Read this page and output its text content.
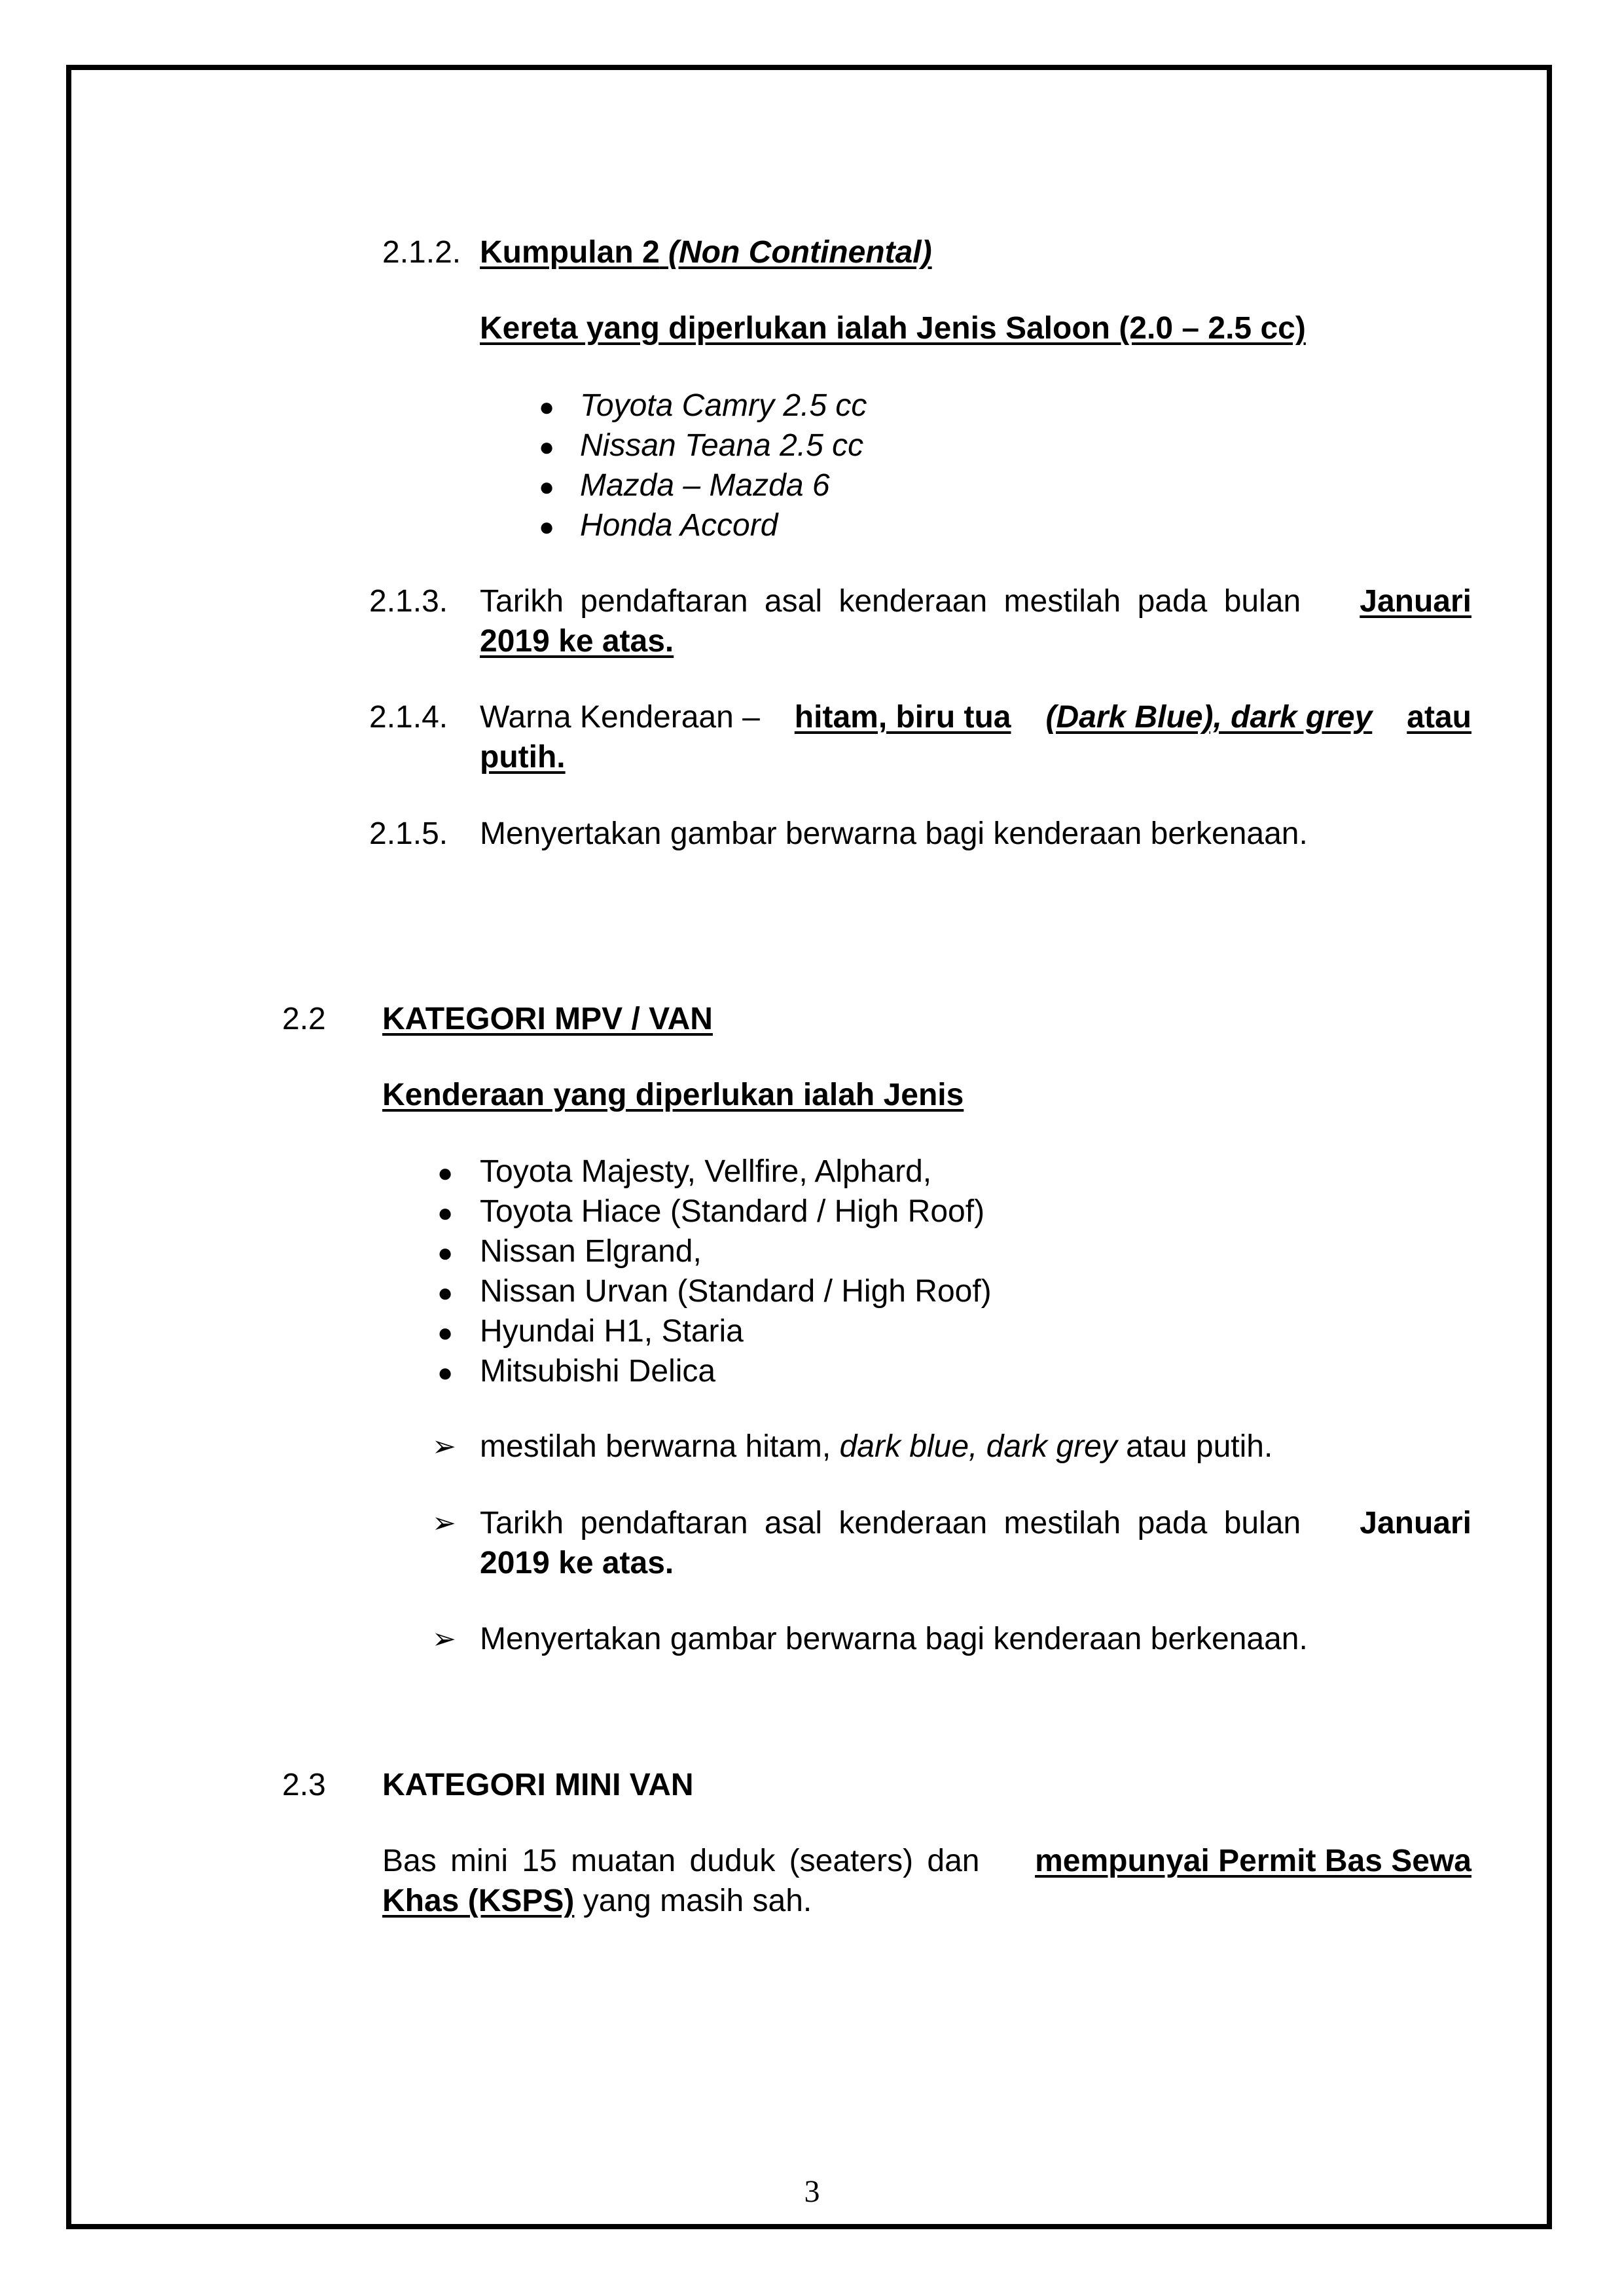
2.1.2. Kumpulan 2 (Non Continental)
Kereta yang diperlukan ialah Jenis Saloon (2.0 – 2.5 cc)
● Toyota Camry 2.5 cc
● Nissan Teana 2.5 cc
● Mazda – Mazda 6
● Honda Accord
2.1.3. Tarikh pendaftaran asal kenderaan mestilah pada bulan Januari
2019 ke atas.
2.1.4. Warna Kenderaan – hitam, biru tua (Dark Blue), dark grey atau
putih.
2.1.5. Menyertakan gambar berwarna bagi kenderaan berkenaan.
2.2 KATEGORI MPV / VAN
Kenderaan yang diperlukan ialah Jenis
● Toyota Majesty, Vellfire, Alphard,
● Toyota Hiace (Standard / High Roof)
● Nissan Elgrand,
● Nissan Urvan (Standard / High Roof)
● Hyundai H1, Staria
● Mitsubishi Delica
➢ mestilah berwarna hitam, dark blue, dark grey atau putih.
➢ Tarikh pendaftaran asal kenderaan mestilah pada bulan Januari
2019 ke atas.
➢ Menyertakan gambar berwarna bagi kenderaan berkenaan.
2.3 KATEGORI MINI VAN
Bas mini 15 muatan duduk (seaters) dan mempunyai Permit Bas Sewa
Khas (KSPS) yang masih sah.
3
